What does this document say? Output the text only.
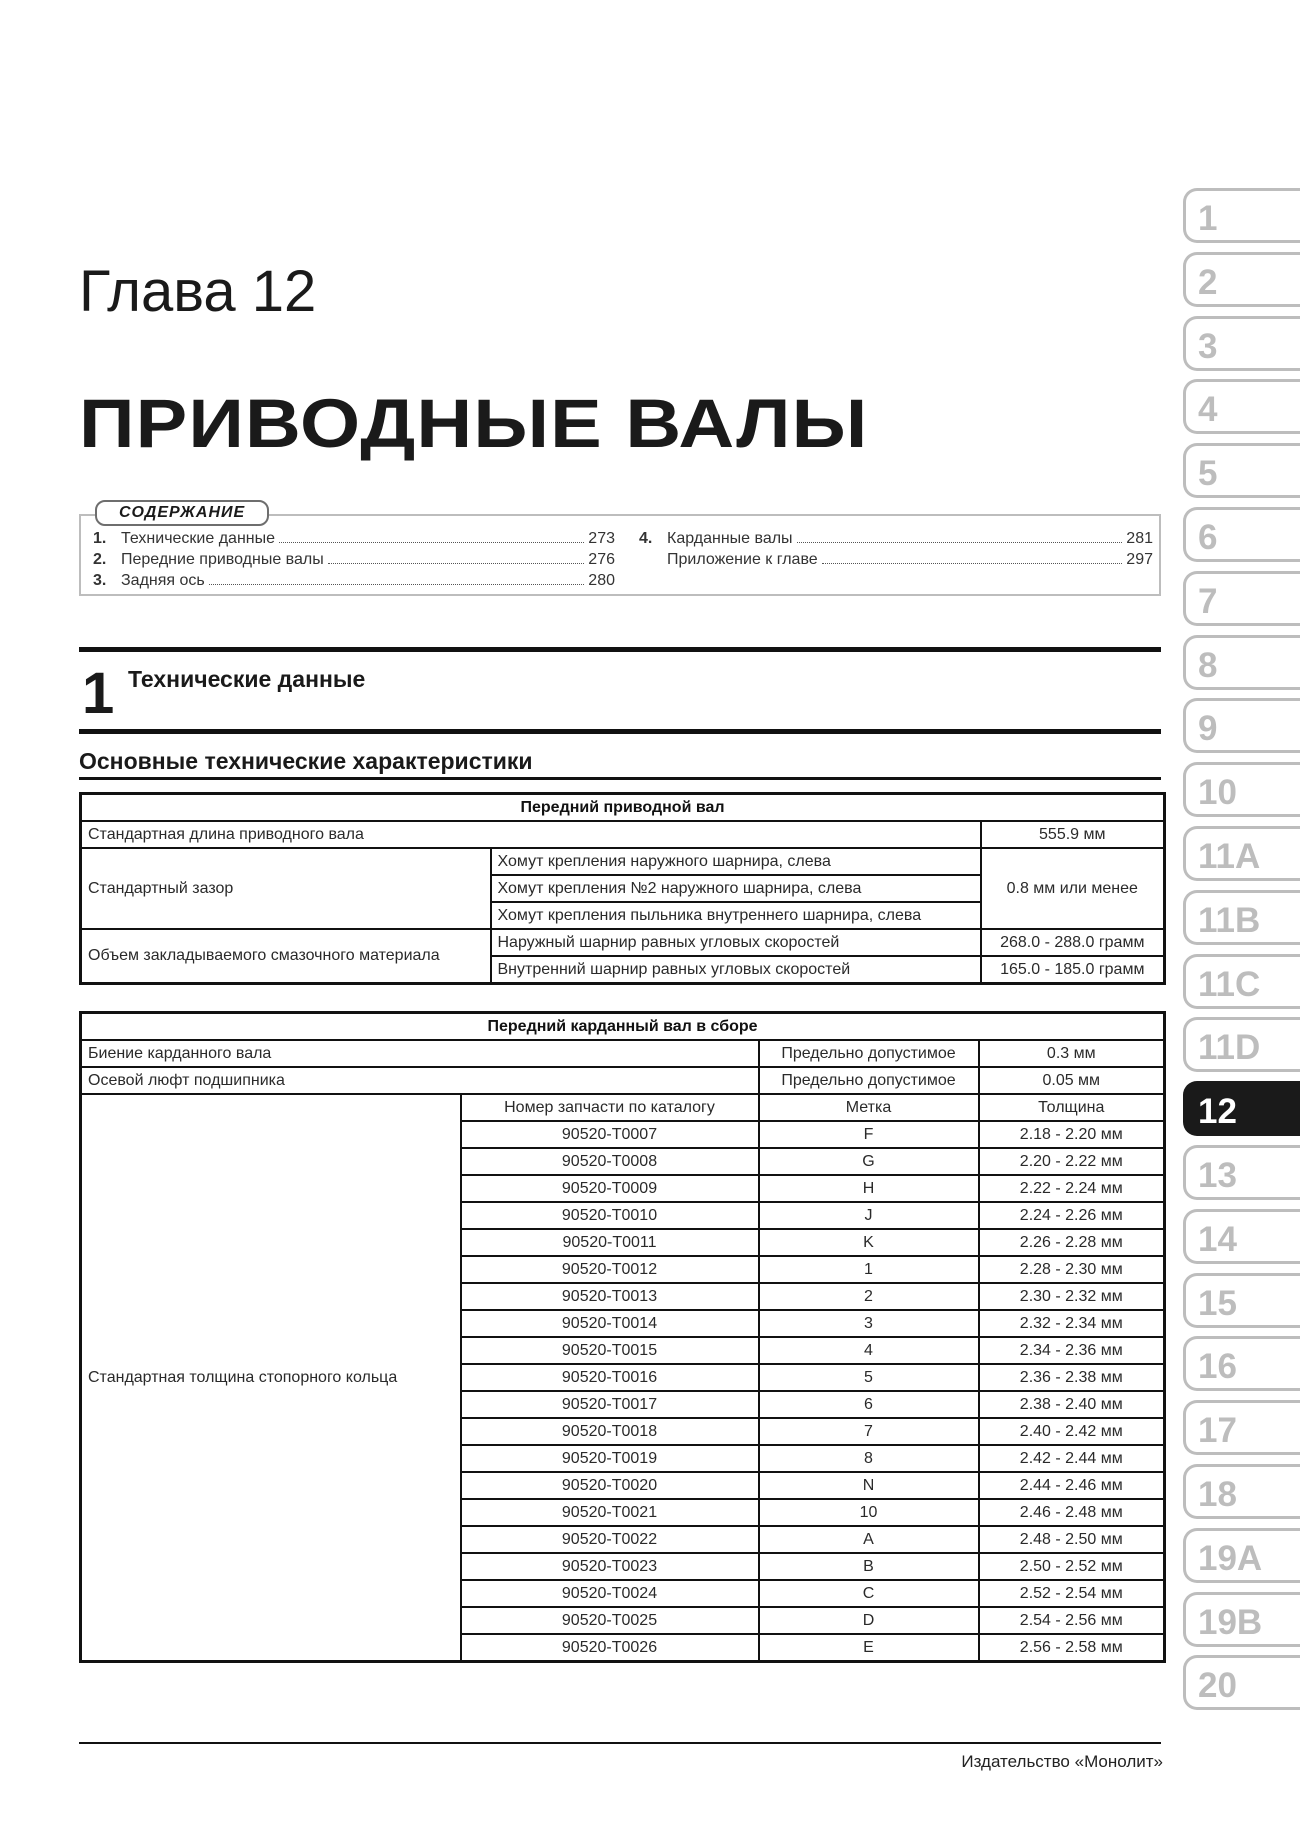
Глава 12
ПРИВОДНЫЕ ВАЛЫ
СОДЕРЖАНИЕ
1. Технические данные	273
2. Передние приводные валы	276
3. Задняя ось	280
4. Карданные валы	281
Приложение к главе	297
1 Технические данные
Основные технические характеристики
Передний приводной вал		
Стандартная длина приводного вала		555.9 мм
Стандартный зазор	Хомут крепления наружного шарнира, слева	0.8 мм или менее
	Хомут крепления №2 наружного шарнира, слева	
	Хомут крепления пыльника внутреннего шарнира, слева	
Объем закладываемого смазочного материала	Наружный шарнир равных угловых скоростей	268.0 - 288.0 грамм
	Внутренний шарнир равных угловых скоростей	165.0 - 185.0 грамм
Передний карданный вал в сборе			
Биение карданного вала		Предельно допустимое	0.3 мм
Осевой люфт подшипника		Предельно допустимое	0.05 мм
Стандартная толщина стопорного кольца	Номер запчасти по каталогу	Метка	Толщина
	90520-T0007	F	2.18 - 2.20 мм
	90520-T0008	G	2.20 - 2.22 мм
	90520-T0009	H	2.22 - 2.24 мм
	90520-T0010	J	2.24 - 2.26 мм
	90520-T0011	K	2.26 - 2.28 мм
	90520-T0012	1	2.28 - 2.30 мм
	90520-T0013	2	2.30 - 2.32 мм
	90520-T0014	3	2.32 - 2.34 мм
	90520-T0015	4	2.34 - 2.36 мм
	90520-T0016	5	2.36 - 2.38 мм
	90520-T0017	6	2.38 - 2.40 мм
	90520-T0018	7	2.40 - 2.42 мм
	90520-T0019	8	2.42 - 2.44 мм
	90520-T0020	N	2.44 - 2.46 мм
	90520-T0021	10	2.46 - 2.48 мм
	90520-T0022	A	2.48 - 2.50 мм
	90520-T0023	B	2.50 - 2.52 мм
	90520-T0024	C	2.52 - 2.54 мм
	90520-T0025	D	2.54 - 2.56 мм
	90520-T0026	E	2.56 - 2.58 мм
Издательство «Монолит»
1
2
3
4
5
6
7
8
9
10
11A
11B
11C
11D
12
13
14
15
16
17
18
19A
19B
20
